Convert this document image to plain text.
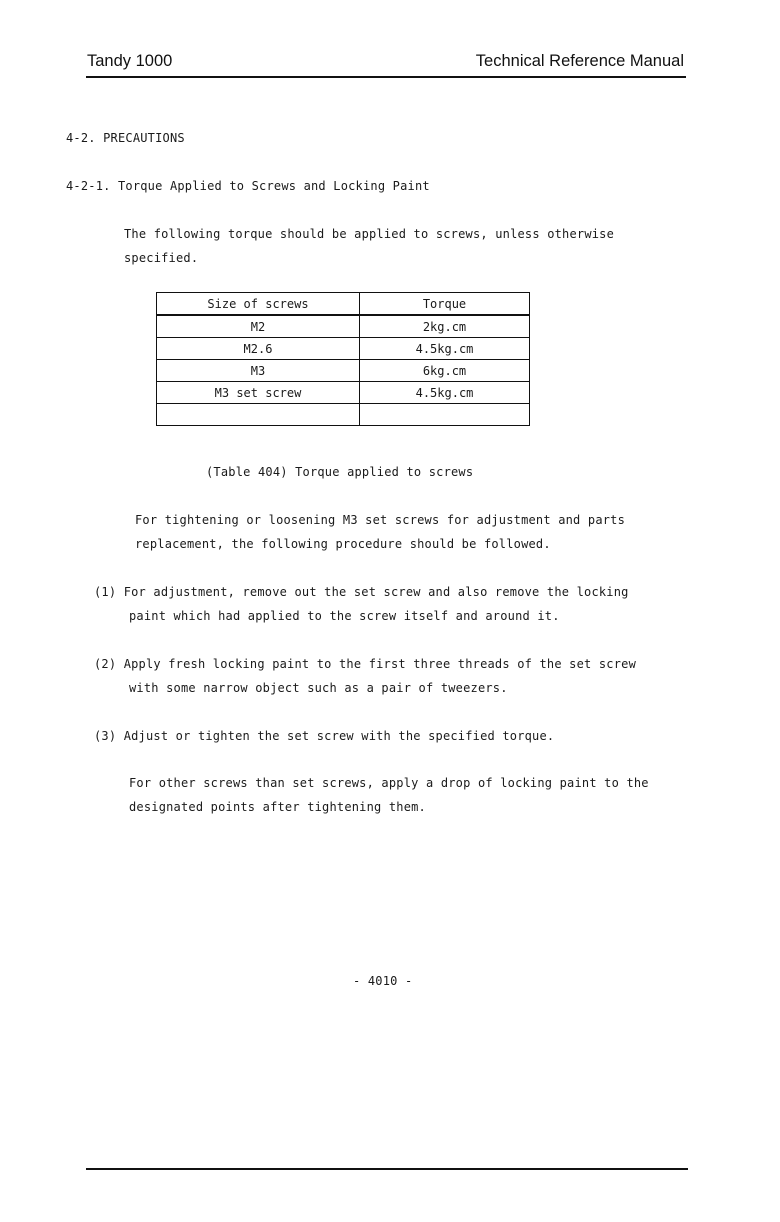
Tandy 1000	Technical Reference Manual
4-2. PRECAUTIONS
4-2-1. Torque Applied to Screws and Locking Paint
The following torque should be applied to screws, unless otherwise
specified.
Size of screws	Torque
M2	2kg.cm
M2.6	4.5kg.cm
M3	6kg.cm
M3 set screw	4.5kg.cm

(Table 404) Torque applied to screws
For tightening or loosening M3 set screws for adjustment and parts
replacement, the following procedure should be followed.
(1) For adjustment, remove out the set screw and also remove the locking
paint which had applied to the screw itself and around it.
(2) Apply fresh locking paint to the first three threads of the set screw
with some narrow object such as a pair of tweezers.
(3) Adjust or tighten the set screw with the specified torque.
For other screws than set screws, apply a drop of locking paint to the
designated points after tightening them.
- 4010 -
